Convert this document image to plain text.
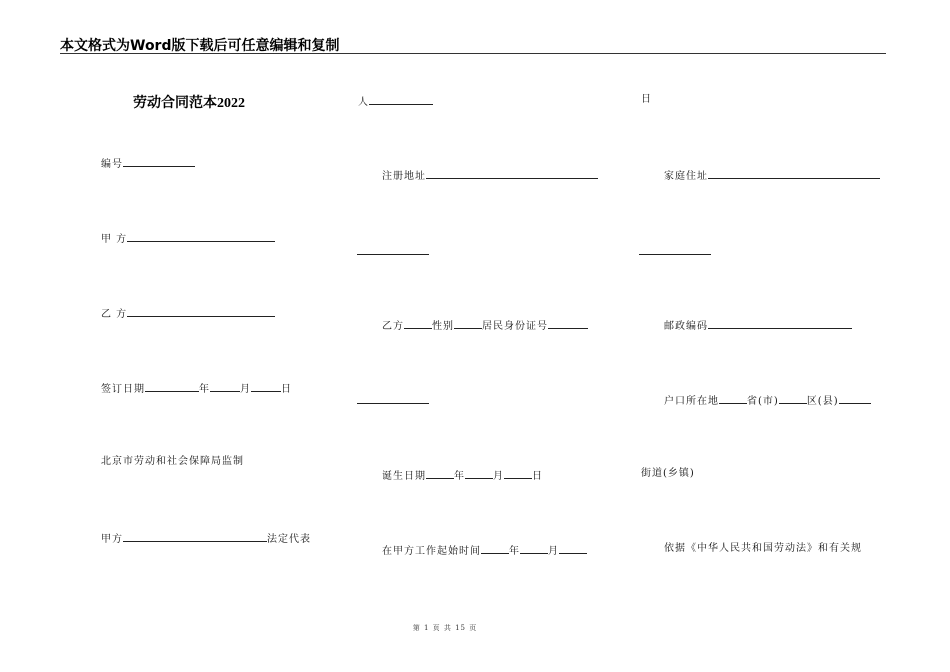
本文格式为Word版下载后可任意编辑和复制
劳动合同范本2022
编号
甲 方
乙 方
签订日期	年	月	日
北京市劳动和社会保障局监制
甲方	法定代表
人
注册地址
乙方	性别	居民身份证号
诞生日期	年	月	日
在甲方工作起始时间	年	月
日
家庭住址
邮政编码
户口所在地	省(市)	区(县)
街道(乡镇)
依据《中华人民共和国劳动法》和有关规
第 1 页 共 15 页
